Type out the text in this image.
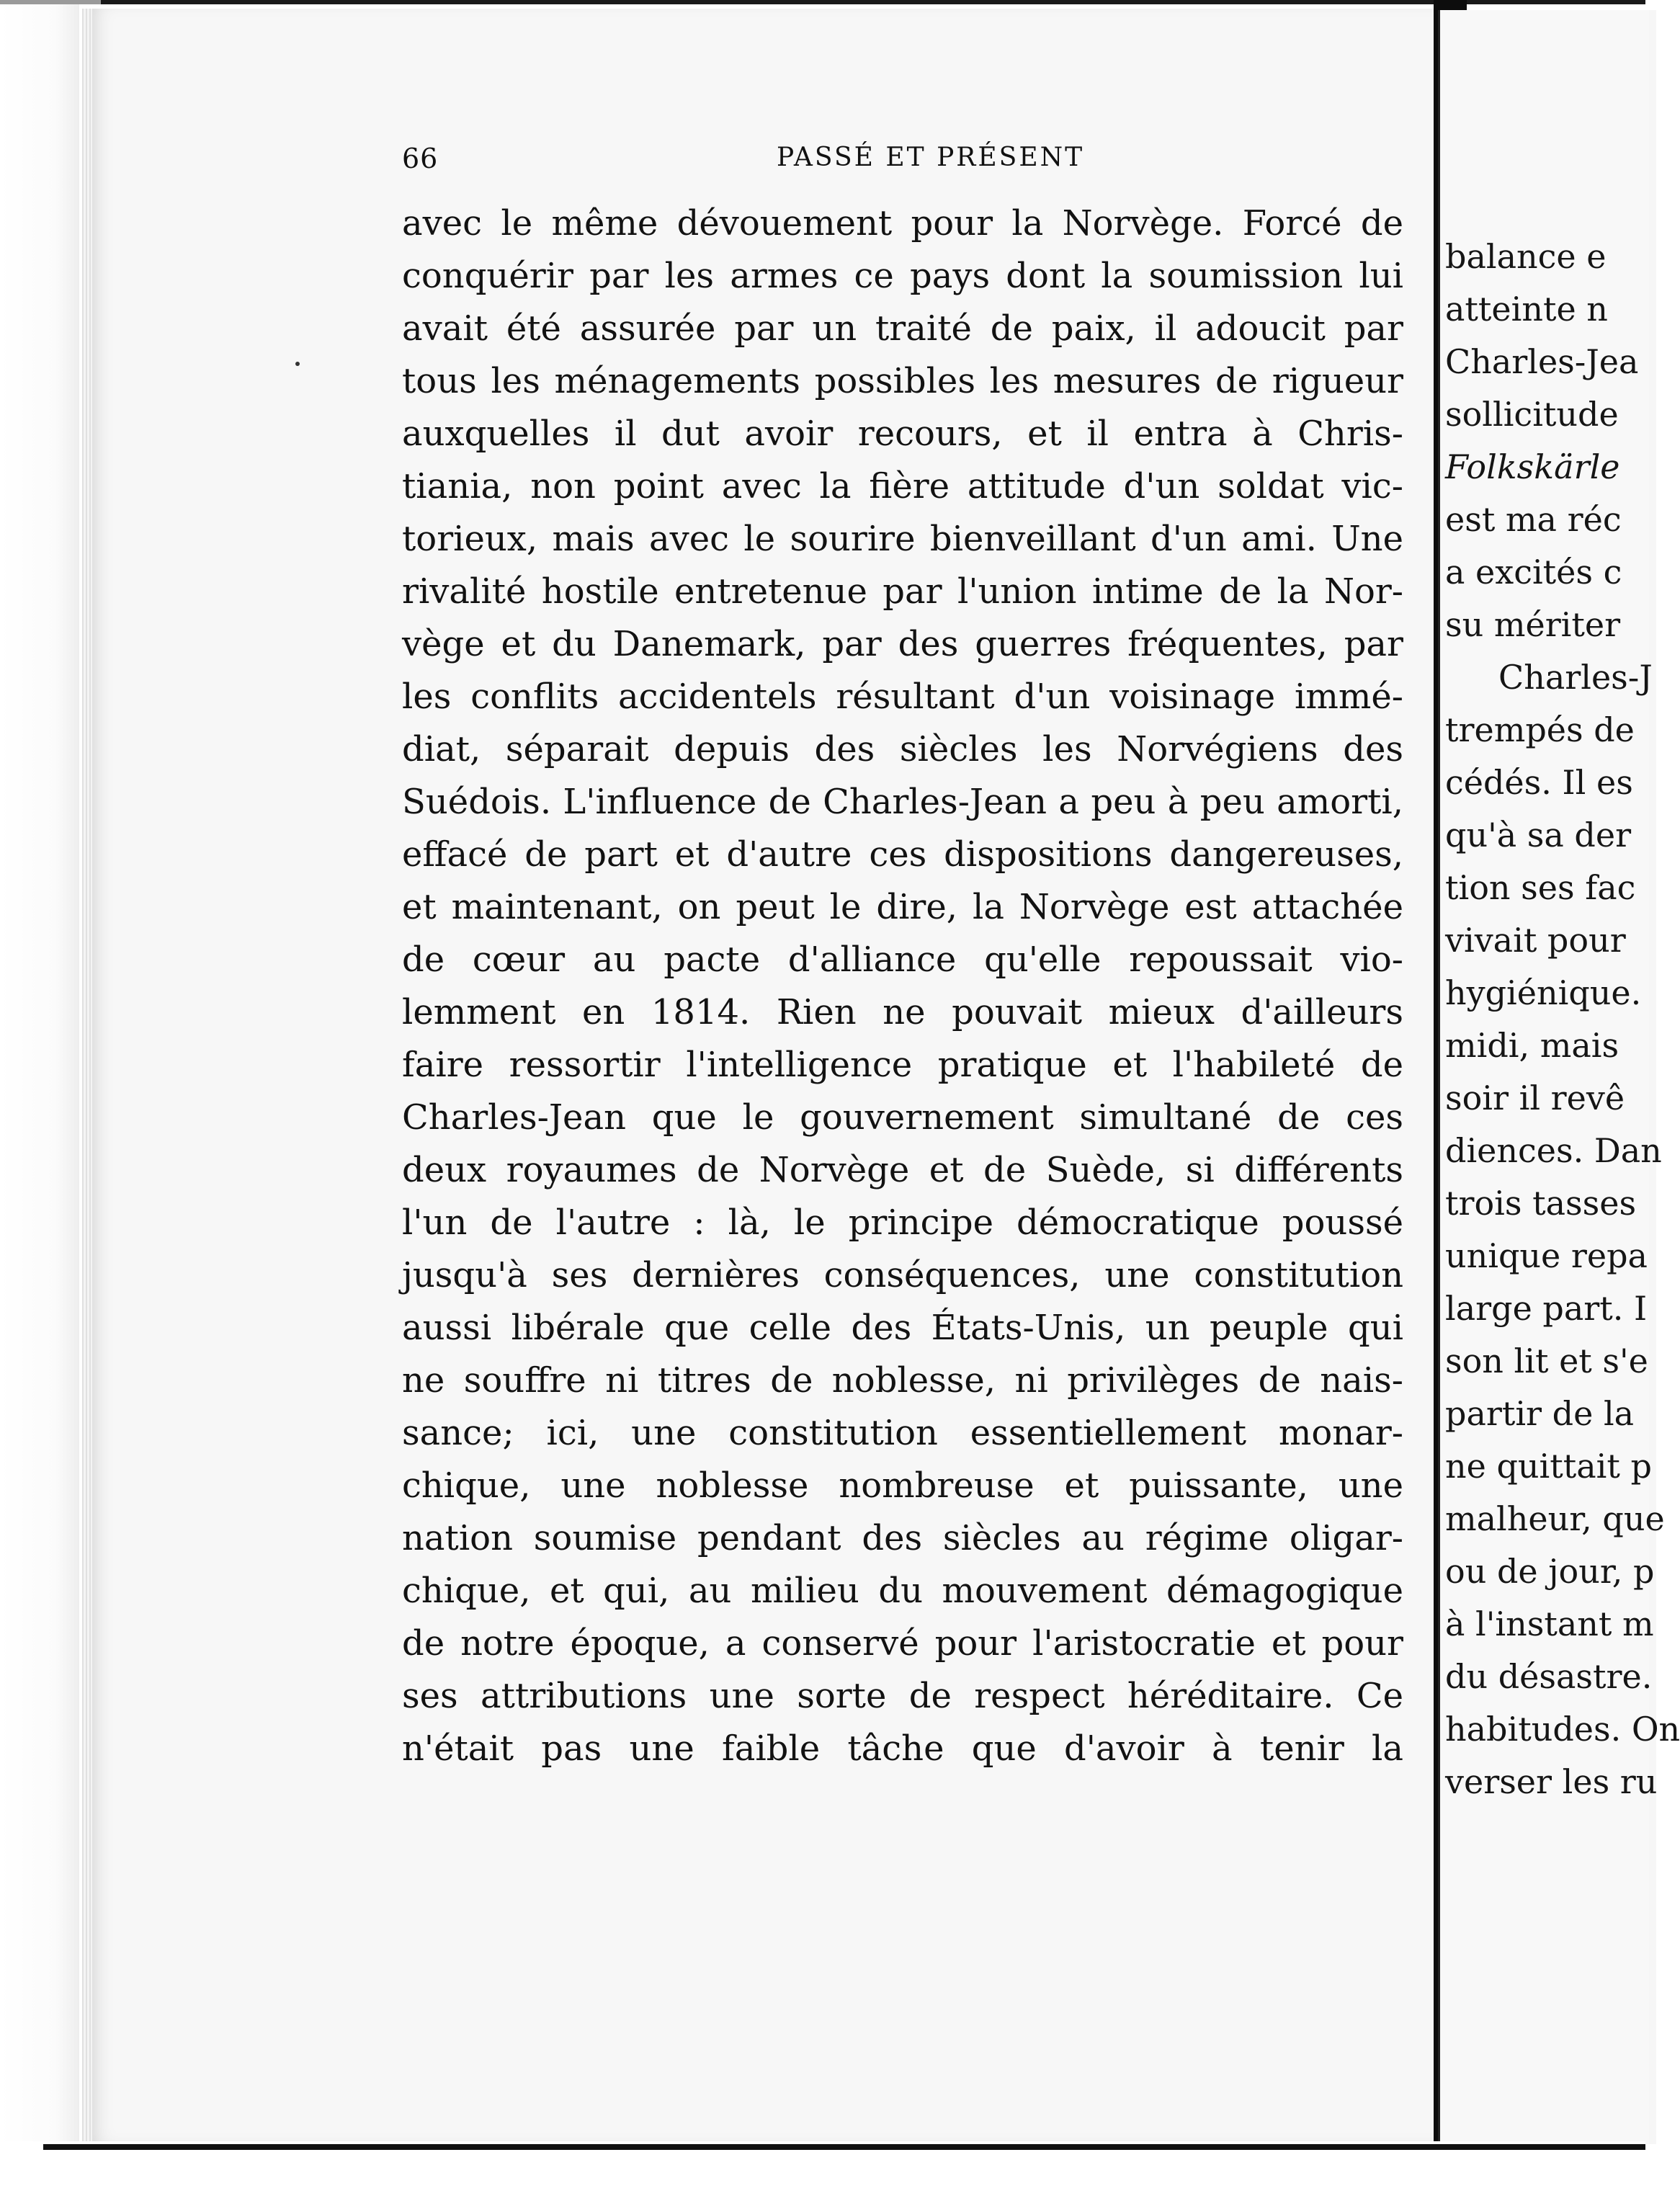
66	PASSÉ ET PRÉSENT
avec le même dévouement pour la Norvège. Forcé de
conquérir par les armes ce pays dont la soumission lui
avait été assurée par un traité de paix, il adoucit par
tous les ménagements possibles les mesures de rigueur
auxquelles il dut avoir recours, et il entra à Chris-
tiania, non point avec la fière attitude d'un soldat vic-
torieux, mais avec le sourire bienveillant d'un ami. Une
rivalité hostile entretenue par l'union intime de la Nor-
vège et du Danemark, par des guerres fréquentes, par
les conflits accidentels résultant d'un voisinage immé-
diat, séparait depuis des siècles les Norvégiens des
Suédois. L'influence de Charles-Jean a peu à peu amorti,
effacé de part et d'autre ces dispositions dangereuses,
et maintenant, on peut le dire, la Norvège est attachée
de cœur au pacte d'alliance qu'elle repoussait vio-
lemment en 1814. Rien ne pouvait mieux d'ailleurs
faire ressortir l'intelligence pratique et l'habileté de
Charles-Jean que le gouvernement simultané de ces
deux royaumes de Norvège et de Suède, si différents
l'un de l'autre : là, le principe démocratique poussé
jusqu'à ses dernières conséquences, une constitution
aussi libérale que celle des États-Unis, un peuple qui
ne souffre ni titres de noblesse, ni privilèges de nais-
sance; ici, une constitution essentiellement monar-
chique, une noblesse nombreuse et puissante, une
nation soumise pendant des siècles au régime oligar-
chique, et qui, au milieu du mouvement démagogique
de notre époque, a conservé pour l'aristocratie et pour
ses attributions une sorte de respect héréditaire. Ce
n'était pas une faible tâche que d'avoir à tenir la
balance e
atteinte n
Charles-Jea
sollicitude
Folkskärle
est ma réc
a excités c
su mériter
Charles-J
trempés de
cédés. Il es
qu'à sa der
tion ses fac
vivait pour
hygiénique.
midi, mais
soir il revê
diences. Dan
trois tasses
unique repa
large part. I
son lit et s'e
partir de la
ne quittait p
malheur, que
ou de jour, p
à l'instant m
du désastre.
habitudes. On
verser les ru
